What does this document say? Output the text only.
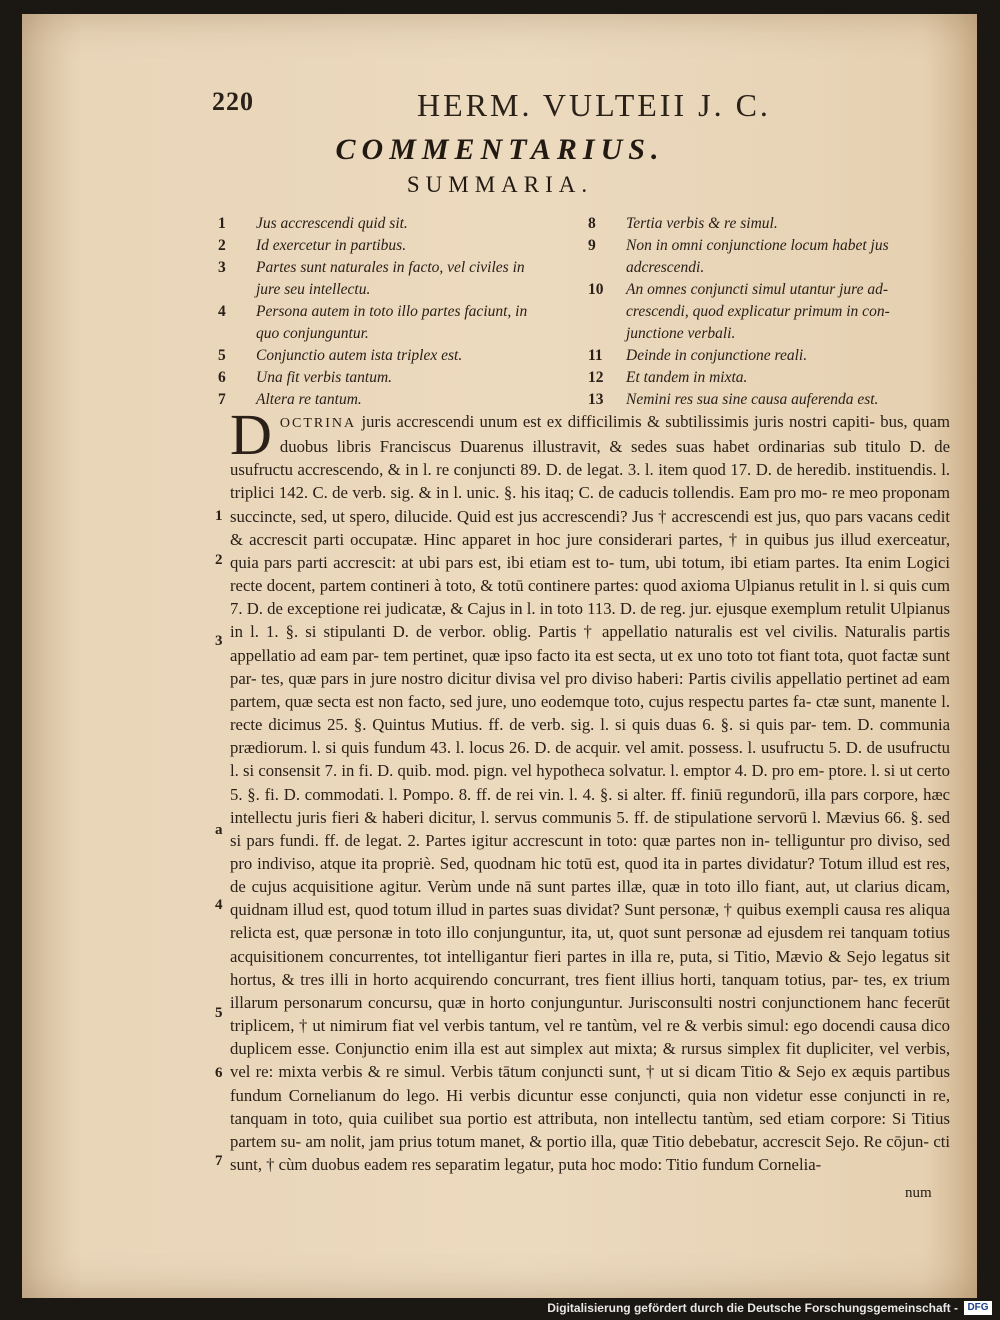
220	HERM. VULTEII J. C.
COMMENTARIUS.
SUMMARIA.
1 Jus accrescendi quid sit.
2 Id exercetur in partibus.
3 Partes sunt naturales in facto, vel civiles in
jure seu intellectu.
4 Persona autem in toto illo partes faciunt, in
quo conjunguntur.
5 Conjunctio autem ista triplex est.
6 Una fit verbis tantum.
7 Altera re tantum.
8 Tertia verbis & re simul.
9 Non in omni conjunctione locum habet jus
adcrescendi.
10 An omnes conjuncti simul utantur jure ad-
crescendi, quod explicatur primum in con-
junctione verbali.
11 Deinde in conjunctione reali.
12 Et tandem in mixta.
13 Nemini res sua sine causa auferenda est.
D OCTRINA juris accrescendi unum est ex difficilimis & subtilissimis juris nostri capiti- bus, quam duobus libris Franciscus Duarenus illustravit, & sedes suas habet ordinarias sub titulo D. de usufructu accrescendo, & in l. re conjuncti 89. D. de legat. 3. l. item quod 17. D. de heredib. instituendis. l. triplici 142. C. de verb. sig. & in l. unic. §. his itaq; C. de caducis tollendis. Eam pro mo- re meo proponam succincte, sed, ut spero, dilucide. Quid est jus accrescendi? Jus † accrescendi est jus, quo pars vacans cedit & accrescit parti occupatæ. Hinc apparet in hoc jure considerari partes, † in quibus jus illud exerceatur, quia pars parti accrescit: at ubi pars est, ibi etiam est to- tum, ubi totum, ibi etiam partes. Ita enim Logici recte docent, partem contineri à toto, & totū continere partes: quod axioma Ulpianus retulit in l. si quis cum 7. D. de exceptione rei judicatæ, & Cajus in l. in toto 113. D. de reg. jur. ejusque exemplum retulit Ulpianus in l. 1. §. si stipulanti D. de verbor. oblig. Partis † appellatio naturalis est vel civilis. Naturalis partis appellatio ad eam par- tem pertinet, quæ ipso facto ita est secta, ut ex uno toto tot fiant tota, quot factæ sunt par- tes, quæ pars in jure nostro dicitur divisa vel pro diviso haberi: Partis civilis appellatio pertinet ad eam partem, quæ secta est non facto, sed jure, uno eodemque toto, cujus respectu partes fa- ctæ sunt, manente l. recte dicimus 25. §. Quintus Mutius. ff. de verb. sig. l. si quis duas 6. §. si quis par- tem. D. communia prædiorum. l. si quis fundum 43. l. locus 26. D. de acquir. vel amit. possess. l. usufructu 5. D. de usufructu l. si consensit 7. in fi. D. quib. mod. pign. vel hypotheca solvatur. l. emptor 4. D. pro em- ptore. l. si ut certo 5. §. fi. D. commodati. l. Pompo. 8. ff. de rei vin. l. 4. §. si alter. ff. finiū regundorū, illa pars corpore, hæc intellectu juris fieri & haberi dicitur, l. servus communis 5. ff. de stipulatione servorū l. Mævius 66. §. sed si pars fundi. ff. de legat. 2. Partes igitur accrescunt in toto: quæ partes non in- telliguntur pro diviso, sed pro indiviso, atque ita propriè. Sed, quodnam hic totū est, quod ita in partes dividatur? Totum illud est res, de cujus acquisitione agitur. Verùm unde nā sunt partes illæ, quæ in toto illo fiant, aut, ut clarius dicam, quidnam illud est, quod totum illud in partes suas dividat? Sunt personæ, † quibus exempli causa res aliqua relicta est, quæ personæ in toto illo conjunguntur, ita, ut, quot sunt personæ ad ejusdem rei tanquam totius acquisitionem concurrentes, tot intelligantur fieri partes in illa re, puta, si Titio, Mævio & Sejo legatus sit hortus, & tres illi in horto acquirendo concurrant, tres fient illius horti, tanquam totius, par- tes, ex trium illarum personarum concursu, quæ in horto conjunguntur. Jurisconsulti nostri conjunctionem hanc fecerūt triplicem, † ut nimirum fiat vel verbis tantum, vel re tantùm, vel re & verbis simul: ego docendi causa dico duplicem esse. Conjunctio enim illa est aut simplex aut mixta; & rursus simplex fit dupliciter, vel verbis, vel re: mixta verbis & re simul. Verbis tātum conjuncti sunt, † ut si dicam Titio & Sejo ex æquis partibus fundum Cornelianum do lego. Hi verbis dicuntur esse conjuncti, quia non videtur esse conjuncti in re, tanquam in toto, quia cuilibet sua portio est attributa, non intellectu tantùm, sed etiam corpore: Si Titius partem su- am nolit, jam prius totum manet, & portio illa, quæ Titio debebatur, accrescit Sejo. Re cōjun- cti sunt, † cùm duobus eadem res separatim legatur, puta hoc modo: Titio fundum Cornelia-
1
2
3
a
4
5
6
7
num
Digitalisierung gefördert durch die Deutsche Forschungsgemeinschaft - DFG
